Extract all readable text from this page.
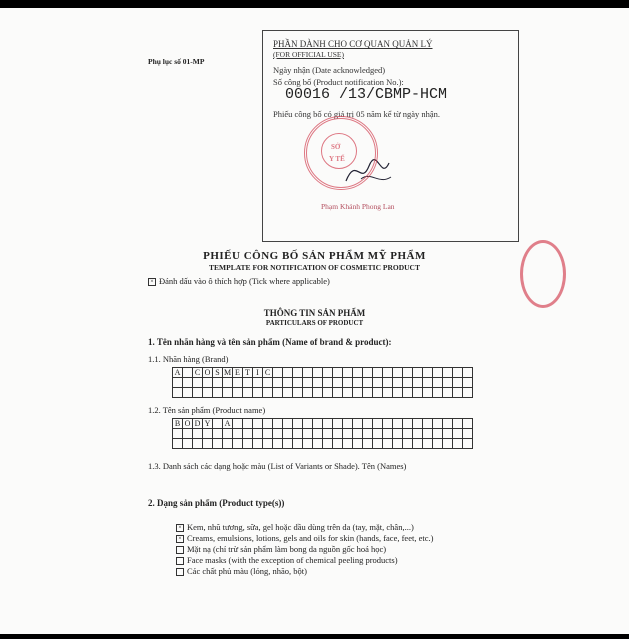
Phụ lục số 01-MP
PHẦN DÀNH CHO CƠ QUAN QUẢN LÝ
(FOR OFFICIAL USE)
Ngày nhận (Date acknowledged)
Số công bố (Product notification No.):
00016 /13/CBMP-HCM
Phiếu công bố có giá trị 05 năm kể từ ngày nhận.
Phạm Khánh Phong Lan
SỞ
Y TẾ
PHIẾU CÔNG BỐ SẢN PHẨM MỸ PHẨM
TEMPLATE FOR NOTIFICATION OF COSMETIC PRODUCT
× Đánh dấu vào ô thích hợp (Tick where applicable)
THÔNG TIN SẢN PHẨM
PARTICULARS OF PRODUCT
1. Tên nhãn hàng và tên sản phẩm (Name of brand & product):
1.1. Nhãn hàng (Brand)
A		C	O	S	M	E	T	I	C																				

1.2. Tên sản phẩm (Product name)
B	O	D	Y		A																								

1.3. Danh sách các dạng hoặc màu (List of Variants or Shade). Tên (Names)
2. Dạng sản phẩm (Product type(s))
× Kem, nhũ tương, sữa, gel hoặc dầu dùng trên da (tay, mặt, chân,...)
× Creams, emulsions, lotions, gels and oils for skin (hands, face, feet, etc.)
Mặt nạ (chỉ trừ sản phẩm làm bong da nguồn gốc hoá học)
Face masks (with the exception of chemical peeling products)
Các chất phủ màu (lỏng, nhão, bột)
